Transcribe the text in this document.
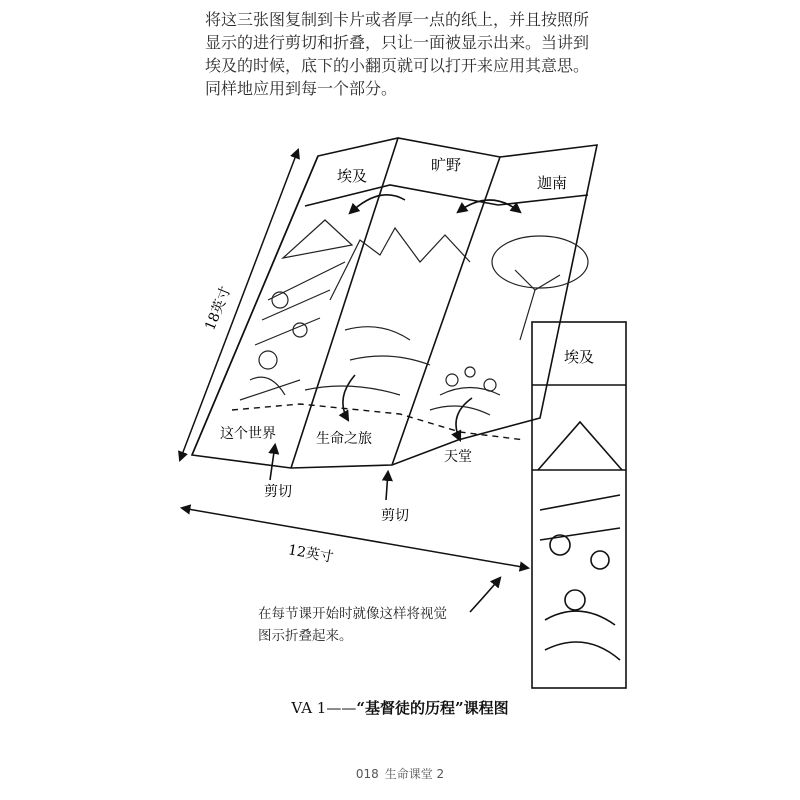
将这三张图复制到卡片或者厚一点的纸上，并且按照所
显示的进行剪切和折叠，只让一面被显示出来。当讲到
埃及的时候，底下的小翻页就可以打开来应用其意思。
同样地应用到每一个部分。
埃及
旷野
迦南
这个世界	生命之旅
天堂
剪切
剪切
18英寸
12英寸
埃及
在每节课开始时就像这样将视觉
图示折叠起来。
VA 1——“基督徒的历程”课程图
018 生命课堂 2
